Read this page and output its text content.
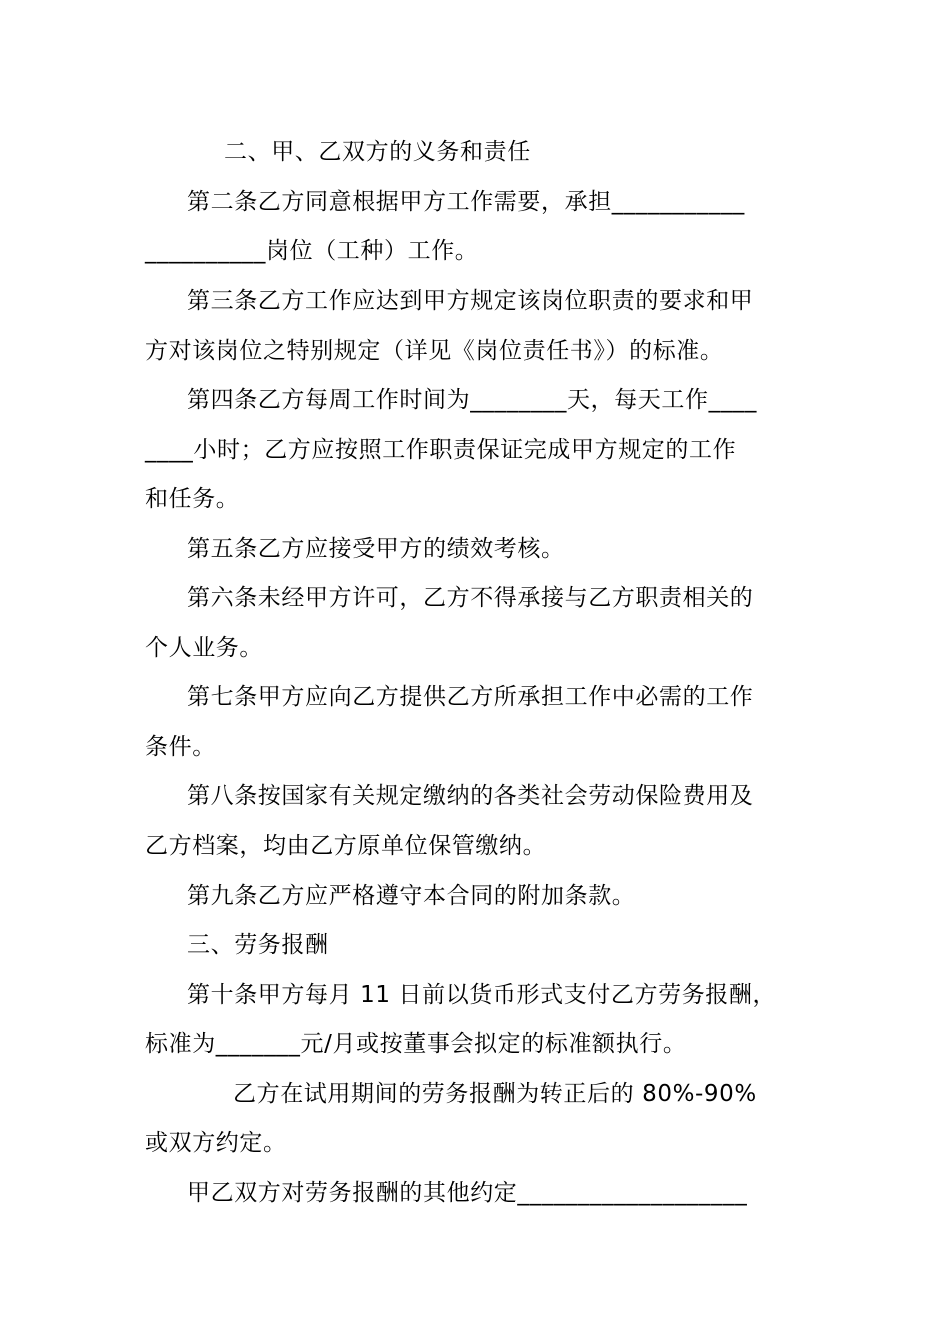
二、甲、乙双方的义务和责任
第二条乙方同意根据甲方工作需要，承担___________
__________岗位（工种）工作。
第三条乙方工作应达到甲方规定该岗位职责的要求和甲
方对该岗位之特别规定（详见《岗位责任书》）的标准。
第四条乙方每周工作时间为________天，每天工作____
____小时；乙方应按照工作职责保证完成甲方规定的工作
和任务。
第五条乙方应接受甲方的绩效考核。
第六条未经甲方许可，乙方不得承接与乙方职责相关的
个人业务。
第七条甲方应向乙方提供乙方所承担工作中必需的工作
条件。
第八条按国家有关规定缴纳的各类社会劳动保险费用及
乙方档案，均由乙方原单位保管缴纳。
第九条乙方应严格遵守本合同的附加条款。
三、劳务报酬
第十条甲方每月 11 日前以货币形式支付乙方劳务报酬，
标准为_______元/月或按董事会拟定的标准额执行。
乙方在试用期间的劳务报酬为转正后的 80%-90%
或双方约定。
甲乙双方对劳务报酬的其他约定___________________
